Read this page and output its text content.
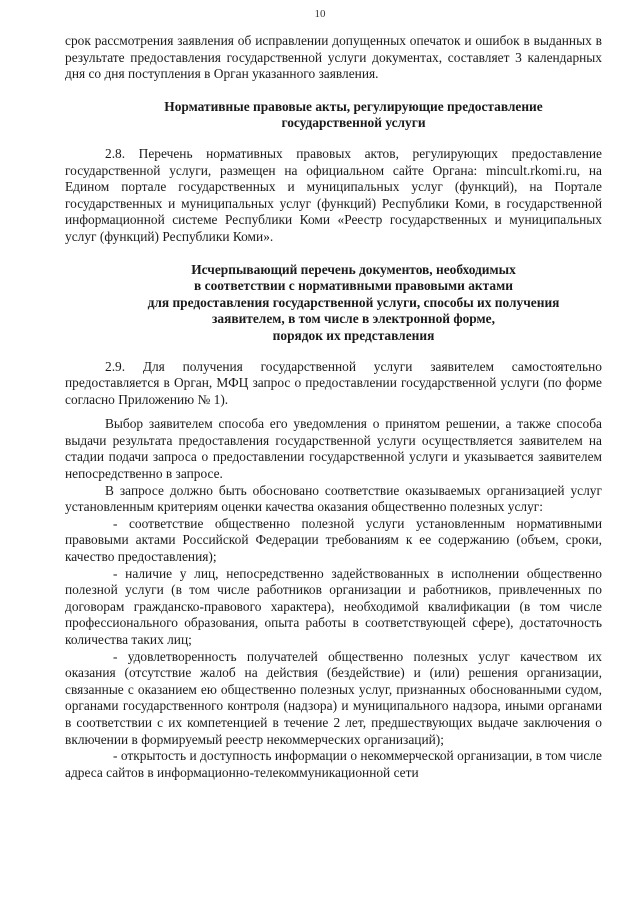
10

срок рассмотрения заявления об исправлении допущенных опечаток и ошибок в выданных в результате предоставления государственной услуги документах, составляет 3 календарных дня со дня поступления в Орган указанного заявления.

Нормативные правовые акты, регулирующие предоставление
государственной услуги

2.8. Перечень нормативных правовых актов, регулирующих предоставление государственной услуги, размещен на официальном сайте Органа: mincult.rkomi.ru, на Едином портале государственных и муниципальных услуг (функций), на Портале государственных и муниципальных услуг (функций) Республики Коми, в государственной информационной системе Республики Коми «Реестр государственных и муниципальных услуг (функций) Республики Коми».

Исчерпывающий перечень документов, необходимых
в соответствии с нормативными правовыми актами
для предоставления государственной услуги, способы их получения
заявителем, в том числе в электронной форме,
порядок их представления

2.9. Для получения государственной услуги заявителем самостоятельно предоставляется в Орган, МФЦ запрос о предоставлении государственной услуги (по форме согласно Приложению № 1).

Выбор заявителем способа его уведомления о принятом решении, а также способа выдачи результата предоставления государственной услуги осуществляется заявителем на стадии подачи запроса о предоставлении государственной услуги и указывается заявителем непосредственно в запросе.

В запросе должно быть обосновано соответствие оказываемых организацией услуг установленным критериям оценки качества оказания общественно полезных услуг:

- соответствие общественно полезной услуги установленным нормативными правовыми актами Российской Федерации требованиям к ее содержанию (объем, сроки, качество предоставления);

- наличие у лиц, непосредственно задействованных в исполнении общественно полезной услуги (в том числе работников организации и работников, привлеченных по договорам гражданско-правового характера), необходимой квалификации (в том числе профессионального образования, опыта работы в соответствующей сфере), достаточность количества таких лиц;

- удовлетворенность получателей общественно полезных услуг качеством их оказания (отсутствие жалоб на действия (бездействие) и (или) решения организации, связанные с оказанием ею общественно полезных услуг, признанных обоснованными судом, органами государственного контроля (надзора) и муниципального надзора, иными органами в соответствии с их компетенцией в течение 2 лет, предшествующих выдаче заключения о включении в формируемый реестр некоммерческих организаций);

- открытость и доступность информации о некоммерческой организации, в том числе адреса сайтов в информационно-телекоммуникационной сети
